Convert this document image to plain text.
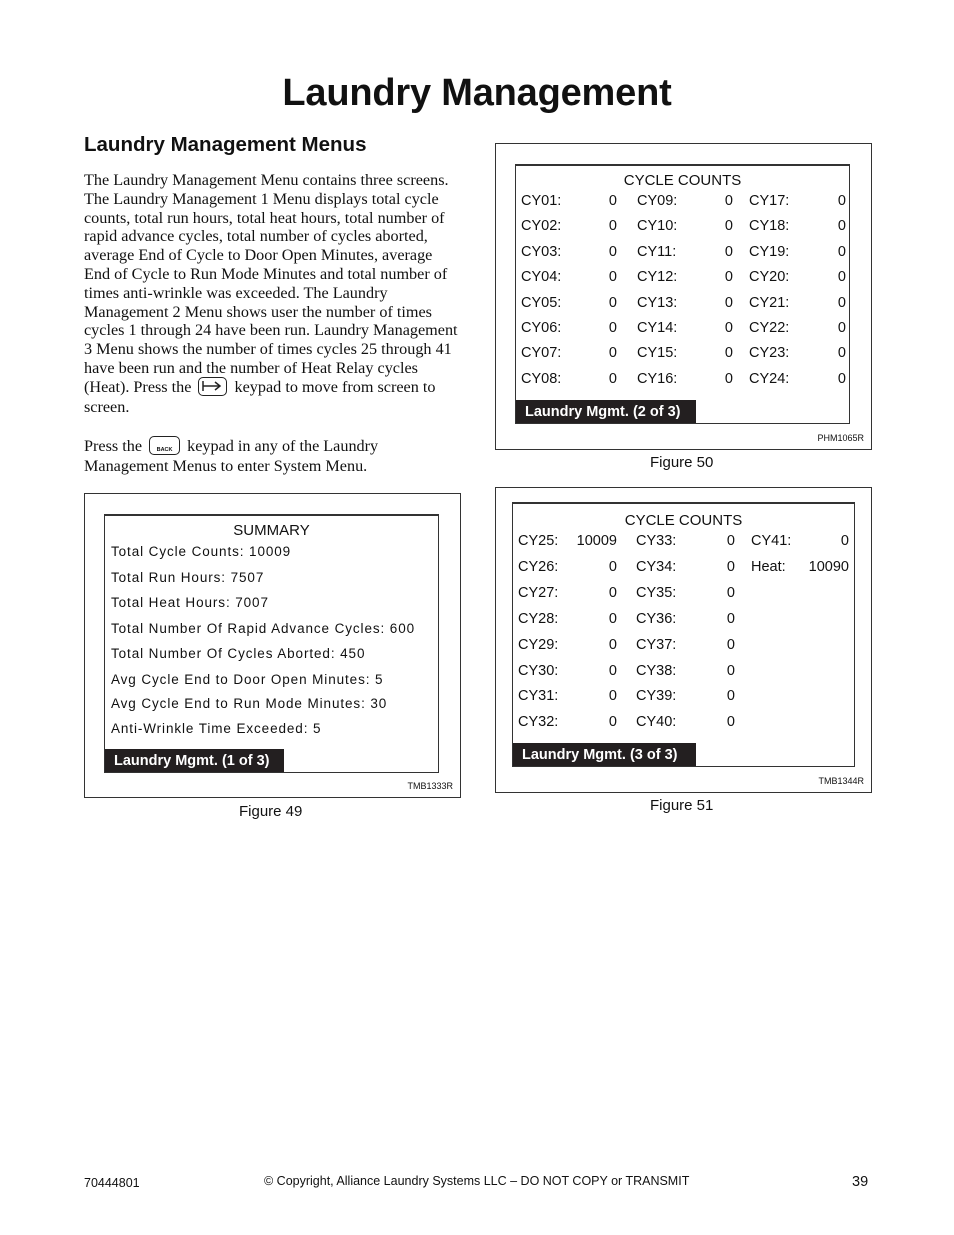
Laundry Management
Laundry Management Menus
The Laundry Management Menu contains three screens. The Laundry Management 1 Menu displays total cycle counts, total run hours, total heat hours, total number of rapid advance cycles, total number of cycles aborted, average End of Cycle to Door Open Minutes, average End of Cycle to Run Mode Minutes and total number of times anti-wrinkle was exceeded. The Laundry Management 2 Menu shows user the number of times cycles 1 through 24 have been run. Laundry Management 3 Menu shows the number of times cycles 25 through 41 have been run and the number of Heat Relay cycles (Heat). Press the	keypad to move from screen to screen.
Press the	BACK keypad in any of the Laundry Management Menus to enter System Menu.
SUMMARY
Total Cycle Counts: 10009
Total Run Hours: 7507
Total Heat Hours: 7007
Total Number Of Rapid Advance Cycles: 600
Total Number Of Cycles Aborted: 450
Avg Cycle End to Door Open Minutes: 5
Avg Cycle End to Run Mode Minutes: 30
Anti-Wrinkle Time Exceeded: 5
Laundry Mgmt. (1 of 3)
TMB1333R
Figure 49
CYCLE COUNTS
CY01:	0 CY09:	0 CY17:	0
CY02:	0 CY10:	0 CY18:	0
CY03:	0 CY11:	0 CY19:	0
CY04:	0 CY12:	0 CY20:	0
CY05:	0 CY13:	0 CY21:	0
CY06:	0 CY14:	0 CY22:	0
CY07:	0 CY15:	0 CY23:	0
CY08:	0 CY16:	0 CY24:	0
Laundry Mgmt. (2 of 3)
PHM1065R
Figure 50
CYCLE COUNTS
CY25:	10009 CY33:	0 CY41:	0
CY26:	0 CY34:	0 Heat:	10090
CY27:	0 CY35:	0
CY28:	0 CY36:	0
CY29:	0 CY37:	0
CY30:	0 CY38:	0
CY31:	0 CY39:	0
CY32:	0 CY40:	0
Laundry Mgmt. (3 of 3)
TMB1344R
Figure 51
70444801	© Copyright, Alliance Laundry Systems LLC – DO NOT COPY or TRANSMIT	39
